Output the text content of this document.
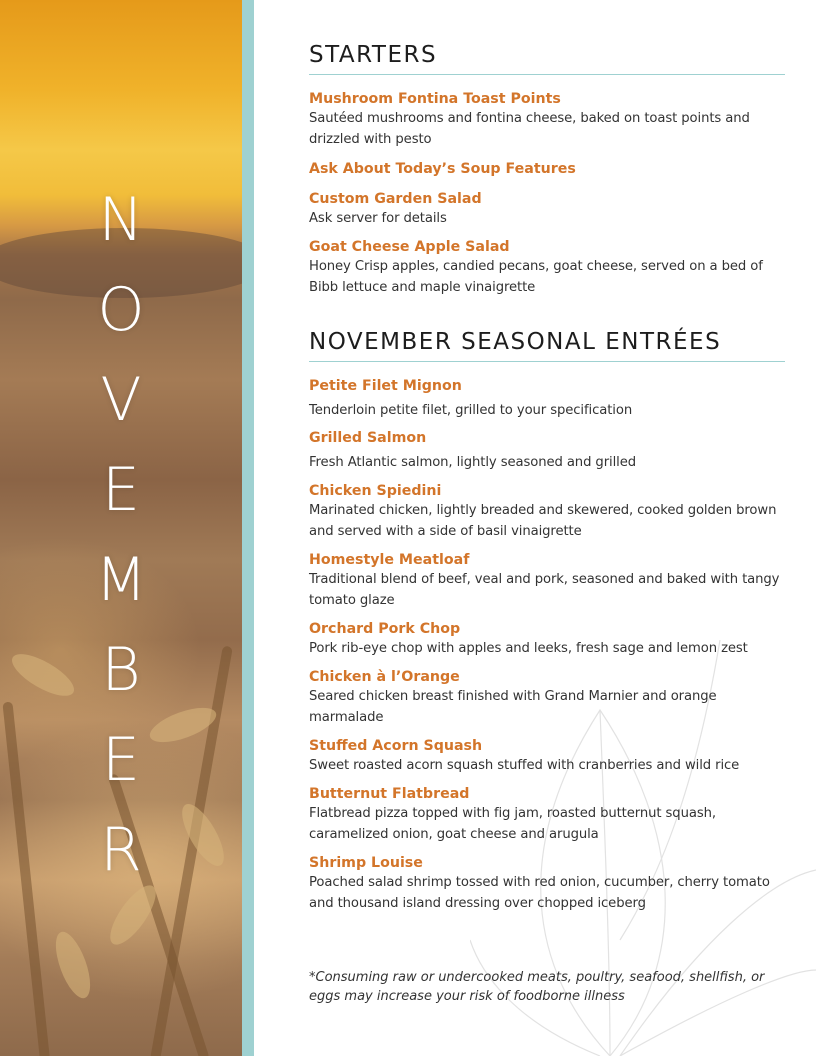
N
O
V
E
M
B
E
R
STARTERS

Mushroom Fontina Toast Points

Sautéed mushrooms and fontina cheese, baked on toast points and drizzled with pesto

Ask About Today’s Soup Features

Custom Garden Salad

Ask server for details

Goat Cheese Apple Salad

Honey Crisp apples, candied pecans, goat cheese, served on a bed of Bibb lettuce and maple vinaigrette

NOVEMBER SEASONAL ENTRÉES

Petite Filet Mignon

Tenderloin petite filet, grilled to your specification

Grilled Salmon

Fresh Atlantic salmon, lightly seasoned and grilled

Chicken Spiedini

Marinated chicken, lightly breaded and skewered, cooked golden brown and served with a side of basil vinaigrette

Homestyle Meatloaf

Traditional blend of beef, veal and pork, seasoned and baked with tangy tomato glaze

Orchard Pork Chop

Pork rib-eye chop with apples and leeks, fresh sage and lemon zest

Chicken à l’Orange

Seared chicken breast finished with Grand Marnier and orange marmalade

Stuffed Acorn Squash

Sweet roasted acorn squash stuffed with cranberries and wild rice

Butternut Flatbread

Flatbread pizza topped with fig jam, roasted butternut squash, caramelized onion, goat cheese and arugula

Shrimp Louise

Poached salad shrimp tossed with red onion, cucumber, cherry tomato and thousand island dressing over chopped iceberg

*Consuming raw or undercooked meats, poultry, seafood, shellfish, or eggs may increase your risk of foodborne illness
